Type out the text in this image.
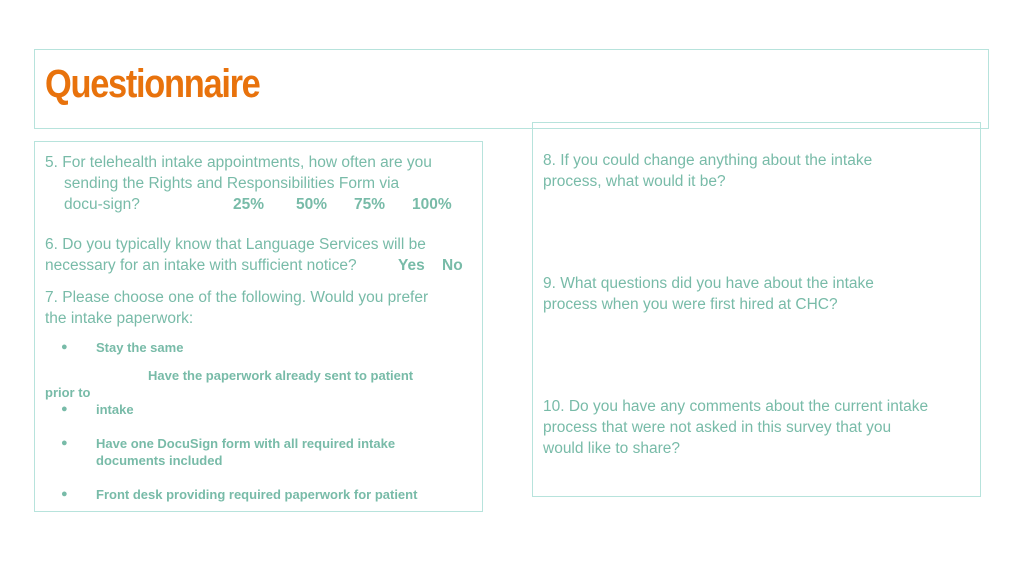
Questionnaire
5. For telehealth intake appointments, how often are you
sending the Rights and Responsibilities Form via
docu-sign?	25% 50% 75% 100%
6. Do you typically know that Language Services will be
necessary for an intake with sufficient notice?	Yes No
7. Please choose one of the following. Would you prefer
the intake paperwork:
● Stay the same
Have the paperwork already sent to patient
prior to
● intake
● Have one DocuSign form with all required intake
documents included
● Front desk providing required paperwork for patient
8. If you could change anything about the intake
process, what would it be?
9. What questions did you have about the intake
process when you were first hired at CHC?
10. Do you have any comments about the current intake
process that were not asked in this survey that you
would like to share?
